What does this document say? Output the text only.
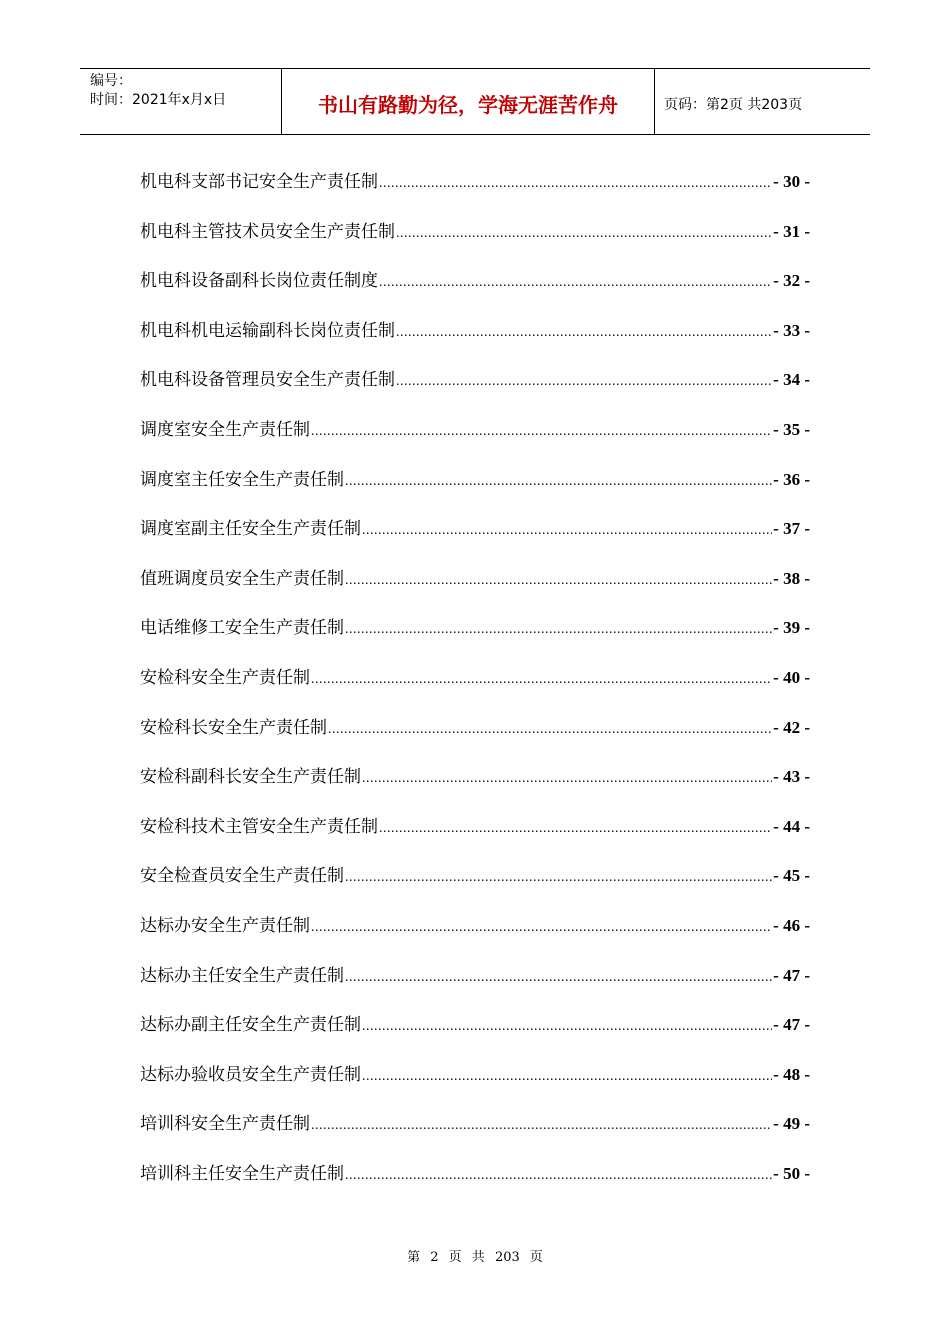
编号：
时间：2021年x月x日	书山有路勤为径，学海无涯苦作舟	页码：第2页 共203页
机电科支部书记安全生产责任制 .....	- 30 -
机电科主管技术员安全生产责任制 .....	- 31 -
机电科设备副科长岗位责任制度 .....	- 32 -
机电科机电运输副科长岗位责任制 .....	- 33 -
机电科设备管理员安全生产责任制 .....	- 34 -
调度室安全生产责任制 .....	- 35 -
调度室主任安全生产责任制 .....	- 36 -
调度室副主任安全生产责任制 .....	- 37 -
值班调度员安全生产责任制 .....	- 38 -
电话维修工安全生产责任制 .....	- 39 -
安检科安全生产责任制 .....	- 40 -
安检科长安全生产责任制 .....	- 42 -
安检科副科长安全生产责任制 .....	- 43 -
安检科技术主管安全生产责任制 .....	- 44 -
安全检查员安全生产责任制 .....	- 45 -
达标办安全生产责任制 .....	- 46 -
达标办主任安全生产责任制 .....	- 47 -
达标办副主任安全生产责任制 .....	- 47 -
达标办验收员安全生产责任制 .....	- 48 -
培训科安全生产责任制 .....	- 49 -
培训科主任安全生产责任制 .....	- 50 -
第 2 页 共 203 页
